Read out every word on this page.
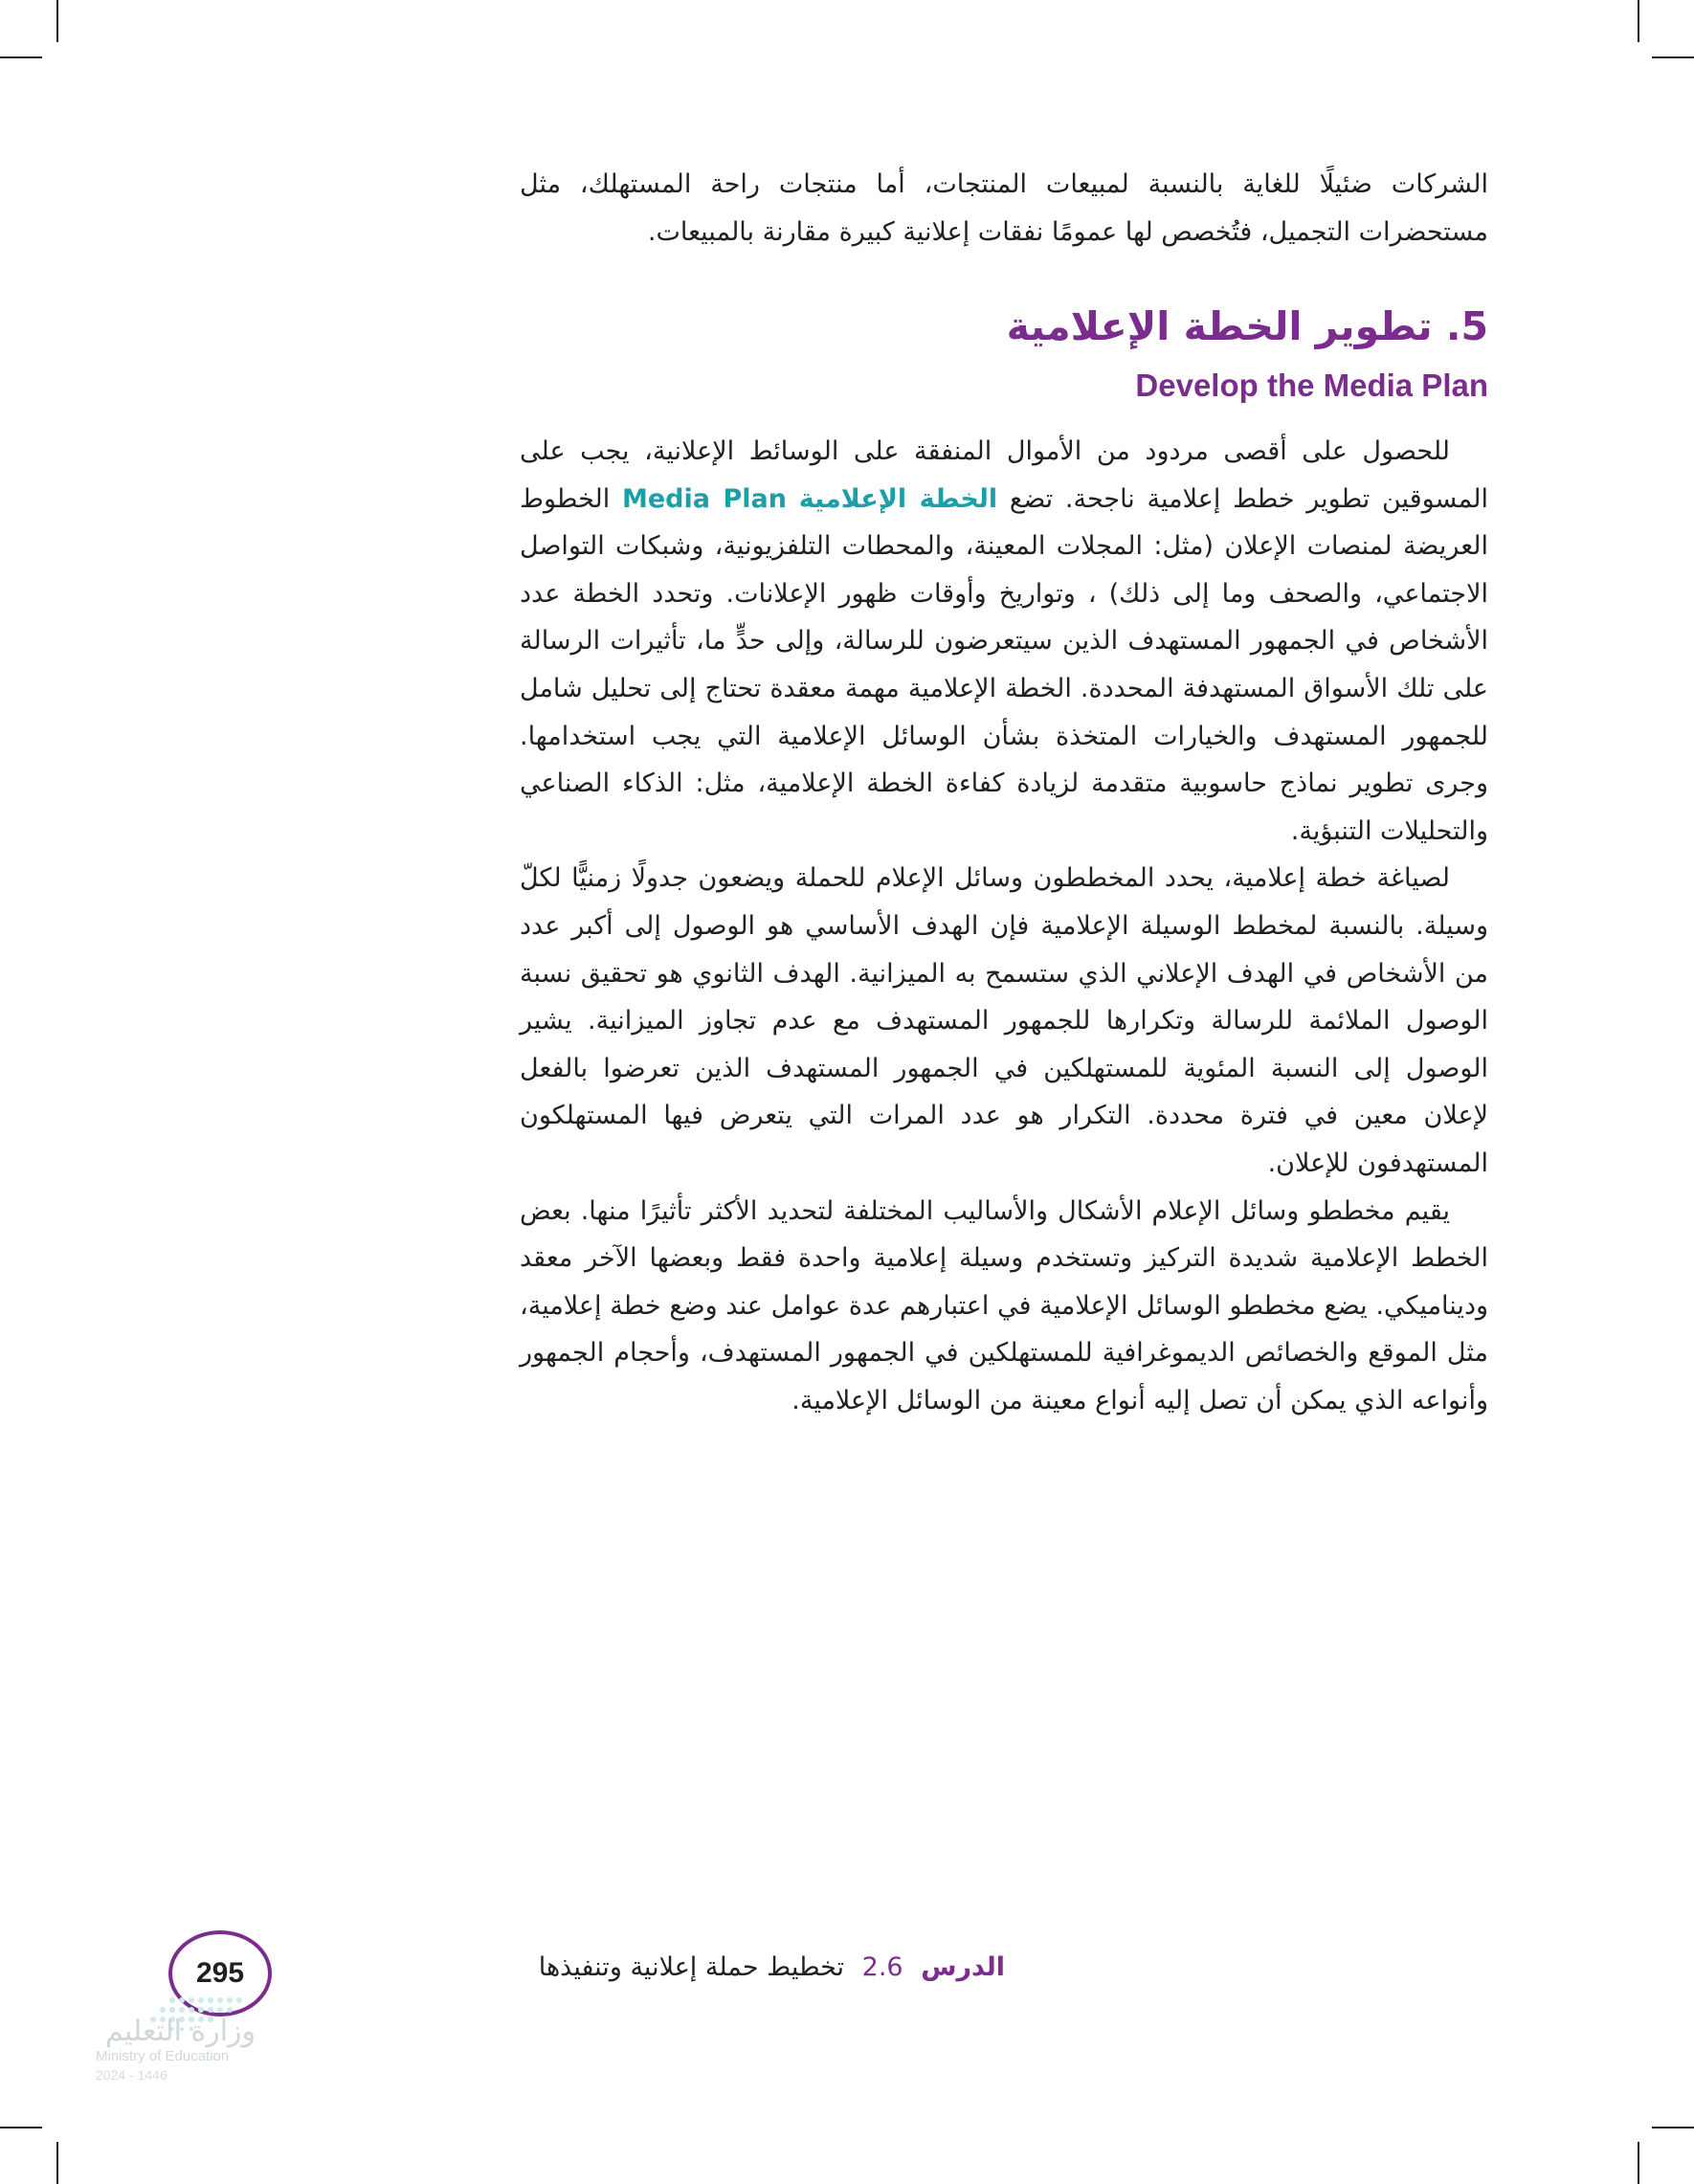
الشركات ضئيلًا للغاية بالنسبة لمبيعات المنتجات، أما منتجات راحة المستهلك، مثل مستحضرات التجميل، فتُخصص لها عمومًا نفقات إعلانية كبيرة مقارنة بالمبيعات.

5. تطوير الخطة الإعلامية

Develop the Media Plan

للحصول على أقصى مردود من الأموال المنفقة على الوسائط الإعلانية، يجب على المسوقين تطوير خطط إعلامية ناجحة. تضع الخطة الإعلامية Media Plan الخطوط العريضة لمنصات الإعلان (مثل: المجلات المعينة، والمحطات التلفزيونية، وشبكات التواصل الاجتماعي، والصحف وما إلى ذلك) ، وتواريخ وأوقات ظهور الإعلانات. وتحدد الخطة عدد الأشخاص في الجمهور المستهدف الذين سيتعرضون للرسالة، وإلى حدٍّ ما، تأثيرات الرسالة على تلك الأسواق المستهدفة المحددة. الخطة الإعلامية مهمة معقدة تحتاج إلى تحليل شامل للجمهور المستهدف والخيارات المتخذة بشأن الوسائل الإعلامية التي يجب استخدامها. وجرى تطوير نماذج حاسوبية متقدمة لزيادة كفاءة الخطة الإعلامية، مثل: الذكاء الصناعي والتحليلات التنبؤية.

لصياغة خطة إعلامية، يحدد المخططون وسائل الإعلام للحملة ويضعون جدولًا زمنيًّا لكلّ وسيلة. بالنسبة لمخطط الوسيلة الإعلامية فإن الهدف الأساسي هو الوصول إلى أكبر عدد من الأشخاص في الهدف الإعلاني الذي ستسمح به الميزانية. الهدف الثانوي هو تحقيق نسبة الوصول الملائمة للرسالة وتكرارها للجمهور المستهدف مع عدم تجاوز الميزانية. يشير الوصول إلى النسبة المئوية للمستهلكين في الجمهور المستهدف الذين تعرضوا بالفعل لإعلان معين في فترة محددة. التكرار هو عدد المرات التي يتعرض فيها المستهلكون المستهدفون للإعلان.

يقيم مخططو وسائل الإعلام الأشكال والأساليب المختلفة لتحديد الأكثر تأثيرًا منها. بعض الخطط الإعلامية شديدة التركيز وتستخدم وسيلة إعلامية واحدة فقط وبعضها الآخر معقد وديناميكي. يضع مخططو الوسائل الإعلامية في اعتبارهم عدة عوامل عند وضع خطة إعلامية، مثل الموقع والخصائص الديموغرافية للمستهلكين في الجمهور المستهدف، وأحجام الجمهور وأنواعه الذي يمكن أن تصل إليه أنواع معينة من الوسائل الإعلامية.

الدرس 2.6 تخطيط حملة إعلانية وتنفيذها
295
وزارة التعليم
Ministry of Education
2024 - 1446
